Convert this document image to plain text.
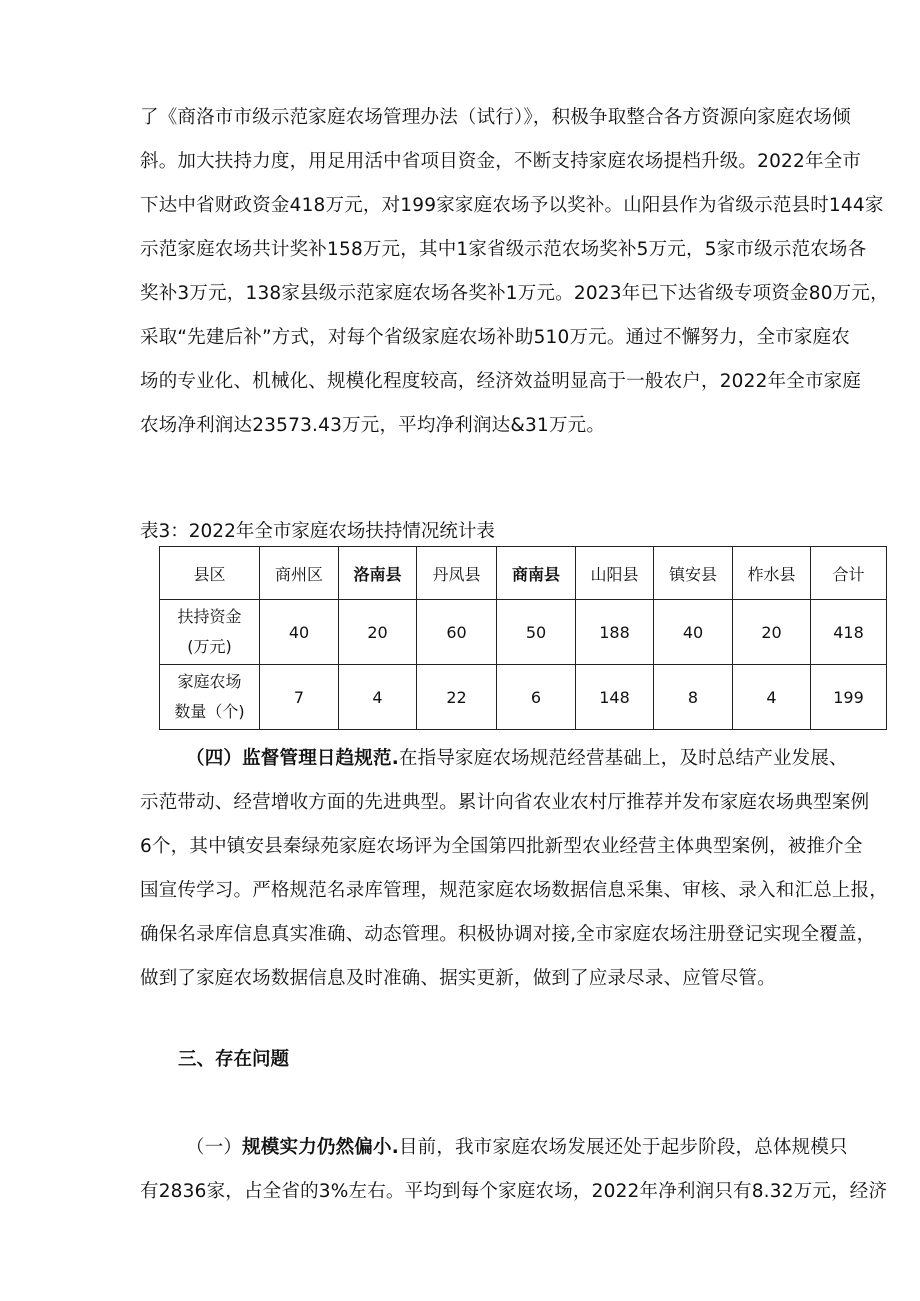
了《商洛市市级示范家庭农场管理办法（试行）》，积极争取整合各方资源向家庭农场倾
斜。加大扶持力度，用足用活中省项目资金，不断支持家庭农场提档升级。2022年全市
下达中省财政资金418万元，对199家家庭农场予以奖补。山阳县作为省级示范县时144家
示范家庭农场共计奖补158万元，其中1家省级示范农场奖补5万元，5家市级示范农场各
奖补3万元，138家县级示范家庭农场各奖补1万元。2023年已下达省级专项资金80万元，
采取“先建后补”方式，对每个省级家庭农场补助510万元。通过不懈努力，全市家庭农
场的专业化、机械化、规模化程度较高，经济效益明显高于一般农户，2022年全市家庭
农场净利润达23573.43万元，平均净利润达&31万元。
表3：2022年全市家庭农场扶持情况统计表
县区	商州区	洛南县	丹凤县	商南县	山阳县	镇安县	柞水县	合计

扶持资金
(万元)	40	20	60	50	188	40	20	418

家庭农场
数量（个)	7	4	22	6	148	8	4	199
（四）监督管理日趋规范.在指导家庭农场规范经营基础上，及时总结产业发展、
示范带动、经营增收方面的先进典型。累计向省农业农村厅推荐并发布家庭农场典型案例
6个，其中镇安县秦绿苑家庭农场评为全国第四批新型农业经营主体典型案例，被推介全
国宣传学习。严格规范名录库管理，规范家庭农场数据信息采集、审核、录入和汇总上报，
确保名录库信息真实准确、动态管理。积极协调对接,全市家庭农场注册登记实现全覆盖，
做到了家庭农场数据信息及时准确、据实更新，做到了应录尽录、应管尽管。
三、存在问题
（一）规模实力仍然偏小.目前，我市家庭农场发展还处于起步阶段，总体规模只
有2836家，占全省的3%左右。平均到每个家庭农场，2022年净利润只有8.32万元，经济
